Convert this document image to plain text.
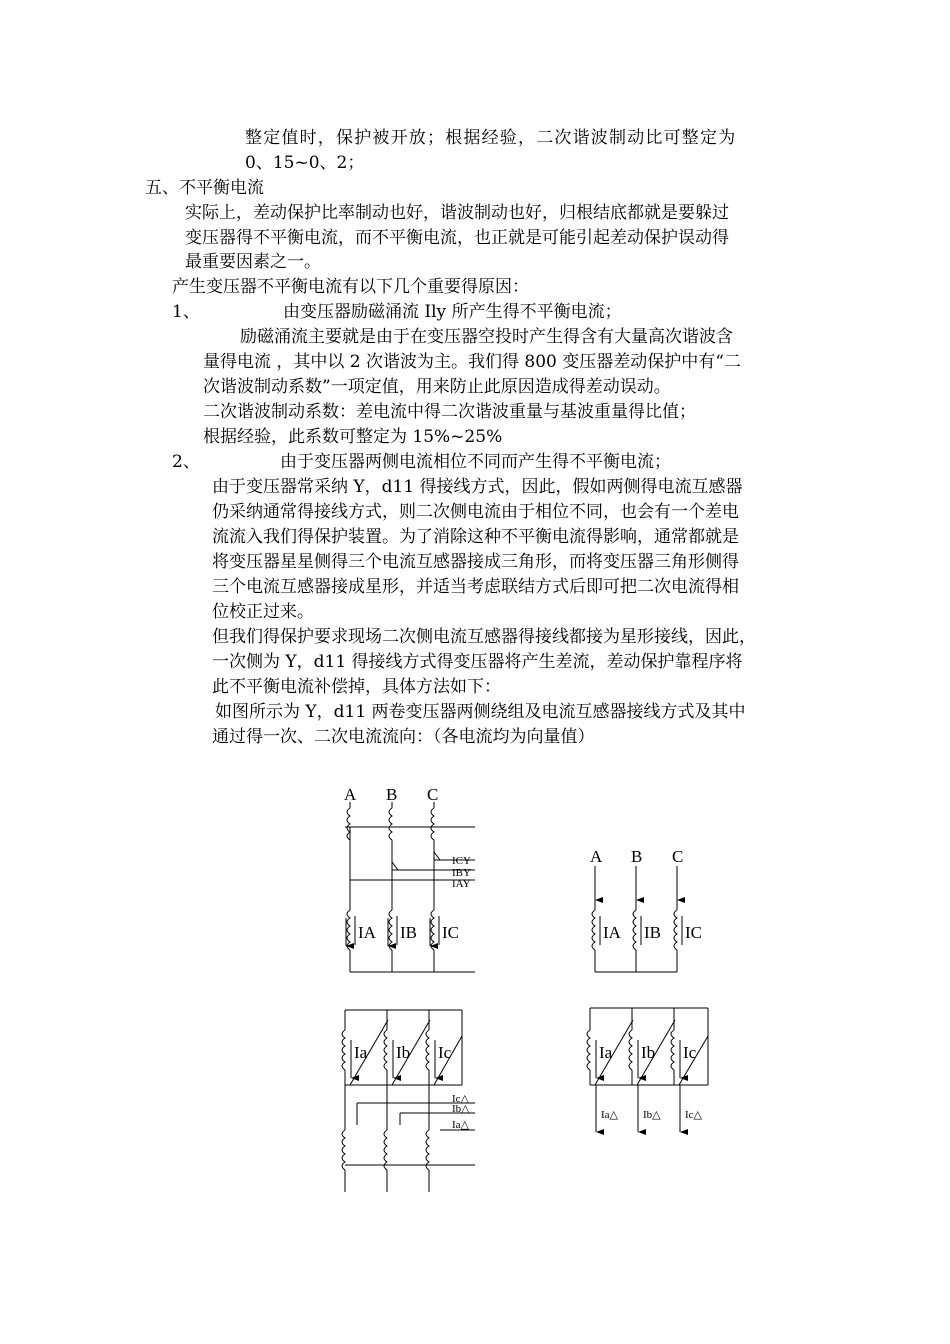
整定值时，保护被开放；根据经验，二次谐波制动比可整定为
0、15~0、2；
五、不平衡电流
实际上，差动保护比率制动也好，谐波制动也好，归根结底都就是要躲过
变压器得不平衡电流，而不平衡电流，也正就是可能引起差动保护误动得
最重要因素之一。
产生变压器不平衡电流有以下几个重要得原因：
1、	由变压器励磁涌流 Ily 所产生得不平衡电流；
励磁涌流主要就是由于在变压器空投时产生得含有大量高次谐波含
量得电流 ，其中以 2 次谐波为主。我们得 800 变压器差动保护中有“二
次谐波制动系数”一项定值，用来防止此原因造成得差动误动。
二次谐波制动系数：差电流中得二次谐波重量与基波重量得比值；
根据经验，此系数可整定为 15%~25%
2、	由于变压器两侧电流相位不同而产生得不平衡电流；
由于变压器常采纳 Y，d11 得接线方式，因此，假如两侧得电流互感器
仍采纳通常得接线方式，则二次侧电流由于相位不同，也会有一个差电
流流入我们得保护装置。为了消除这种不平衡电流得影响，通常都就是
将变压器星星侧得三个电流互感器接成三角形，而将变压器三角形侧得
三个电流互感器接成星形，并适当考虑联结方式后即可把二次电流得相
位校正过来。
但我们得保护要求现场二次侧电流互感器得接线都接为星形接线，因此，
一次侧为 Y，d11 得接线方式得变压器将产生差流，差动保护靠程序将
此不平衡电流补偿掉，具体方法如下：
如图所示为 Y，d11 两卷变压器两侧绕组及电流互感器接线方式及其中
通过得一次、二次电流流向：（各电流均为向量值）
A B C
A B C
IA IB IC	IA IB IC
Ia Ib Ic	Ia Ib Ic
ICY
IBY
IAY
Ic△
Ib△
Ia△
Ia△ Ib△ Ic△
